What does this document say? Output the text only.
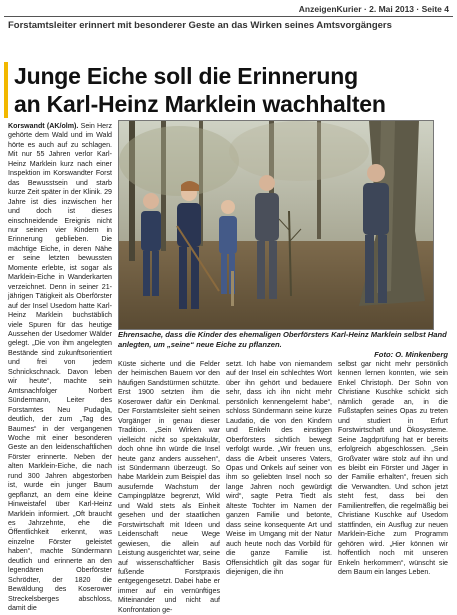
AnzeigenKurier · 2. Mai 2013 · Seite 4
Forstamtsleiter erinnert mit besonderer Geste an das Wirken seines Amtsvorgängers
Junge Eiche soll die Erinnerung
an Karl-Heinz Marklein wachhalten

Korswandt (AK/olm). Sein Herz gehörte dem Wald und im Wald hörte es auch auf zu schlagen. Mit nur 55 Jahren verlor Karl-Heinz Marklein kurz nach einer Inspektion im Korswandter Forst das Bewusstsein und starb kurze Zeit später in der Klinik. 29 Jahre ist dies inzwischen her und doch ist dieses einschneidende Ereignis nicht nur seinen vier Kindern in Erinnerung geblieben. Die mächtige Eiche, in deren Nähe er seine letzten bewussten Momente erlebte, ist sogar als Marklein-Eiche in Wanderkarten verzeichnet. Denn in seiner 21-jährigen Tätigkeit als Oberförster auf der Insel Usedom hatte Karl-Heinz Marklein buchstäblich viele Spuren für das heutige Aussehen der Usedomer Wälder gelegt. „Die von ihm angelegten Bestände sind zukunftsorientiert und frei von jedem Schnickschnack. Davon leben wir heute“, machte sein Amtsnachfolger Norbert Sündermann, Leiter des Forstamtes Neu Pudagla, deutlich, der zum „Tag des Baumes“ in der vergangenen Woche mit einer besonderen Geste an den leidenschaftlichen Förster erinnerte. Neben der alten Marklein-Eiche, die nach rund 300 Jahren abgestorben ist, wurde ein junger Baum gepflanzt, an dem eine kleine Hinweistafel über Karl-Heinz Marklein informiert. „Oft braucht es Jahrzehnte, ehe die Öffentlichkeit erkennt, was einzelne Förster geleistet haben“, machte Sündermann deutlich und erinnerte an den legendären Oberförster Schrödter, der 1820 die Bewäldung des Koserower Streckelsberges abschloss, damit die

Ehrensache, dass die Kinder des ehemaligen Oberförsters Karl-Heinz Marklein selbst Hand anlegten, um „seine“ neue Eiche zu pflanzen.
Foto: O. Minkenberg

Küste sicherte und die Felder der heimischen Bauern vor den häufigen Sandstürmen schützte. Erst 1900 setzten ihm die Koserower dafür ein Denkmal. Der Forstamtsleiter sieht seinen Vorgänger in genau dieser Tradition. „Sein Wirken war vielleicht nicht so spektakulär, doch ohne ihn würde die Insel heute ganz anders aussehen“, ist Sündermann überzeugt. So habe Marklein zum Beispiel das ausufernde Wachstum der Campingplätze begrenzt, Wild und Wald stets als Einheit gesehen und der staatlichen Forstwirtschaft mit Ideen und Leidenschaft neue Wege gewiesen, die allein auf Leistung ausgerichtet war, seine auf wissenschaftlicher Basis fußende Forstpraxis entgegengesetzt. Dabei habe er immer auf ein vernünftiges Miteinander und nicht auf Konfrontation ge-

setzt. Ich habe von niemandem auf der Insel ein schlechtes Wort über ihn gehört und bedauere sehr, dass ich ihn nicht mehr persönlich kennengelernt habe“, schloss Sündermann seine kurze Laudatio, die von den Kindern und Enkeln des einstigen Oberförsters sichtlich bewegt verfolgt wurde. „Wir freuen uns, dass die Arbeit unseres Vaters, Opas und Onkels auf seiner von ihm so geliebten Insel noch so lange Jahren noch gewürdigt wird“, sagte Petra Tiedt als älteste Tochter im Namen der ganzen Familie und betonte, dass seine konsequente Art und Weise im Umgang mit der Natur auch heute noch das Vorbild für die ganze Familie ist. Offensichtlich gilt das sogar für diejenigen, die ihn

selbst gar nicht mehr persönlich kennen lernen konnten, wie sein Enkel Christoph. Der Sohn von Christiane Kuschke schickt sich nämlich gerade an, in die Fußstapfen seines Opas zu treten und studiert in Erfurt Forstwirtschaft und Ökosysteme. Seine Jagdprüfung hat er bereits erfolgreich abgeschlossen. „Sein Großvater wäre stolz auf ihn und es bleibt ein Förster und Jäger in der Familie erhalten“, freuen sich die Verwandten. Und schon jetzt steht fest, dass bei den Familientreffen, die regelmäßig bei Christiane Kuschke auf Usedom stattfinden, ein Ausflug zur neuen Marklein-Eiche zum Programm gehören wird. „Hier können wir hoffentlich noch mit unseren Enkeln herkommen“, wünscht sie dem Baum ein langes Leben.
